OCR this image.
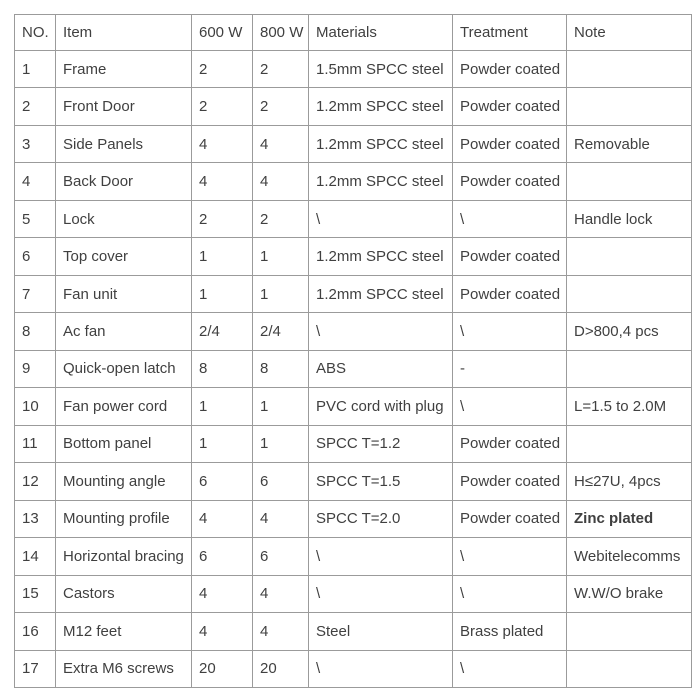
NO.	Item	600 W	800 W	Materials	Treatment	Note
1	Frame	2	2	1.5mm SPCC steel	Powder coated	
2	Front Door	2	2	1.2mm SPCC steel	Powder coated	
3	Side Panels	4	4	1.2mm SPCC steel	Powder coated	Removable
4	Back Door	4	4	1.2mm SPCC steel	Powder coated	
5	Lock	2	2	\	\	Handle lock
6	Top cover	1	1	1.2mm SPCC steel	Powder coated	
7	Fan unit	1	1	1.2mm SPCC steel	Powder coated	
8	Ac fan	2/4	2/4	\	\	D>800,4 pcs
9	Quick-open latch	8	8	ABS	-	
10	Fan power cord	1	1	PVC cord with plug	\	L=1.5 to 2.0M
11	Bottom panel	1	1	SPCC T=1.2	Powder coated	
12	Mounting angle	6	6	SPCC T=1.5	Powder coated	H≤27U, 4pcs
13	Mounting profile	4	4	SPCC T=2.0	Powder coated	Zinc plated
14	Horizontal bracing	6	6	\	\	Webitelecomms
15	Castors	4	4	\	\	W.W/O brake
16	M12 feet	4	4	Steel	Brass plated	
17	Extra M6 screws	20	20	\	\	
